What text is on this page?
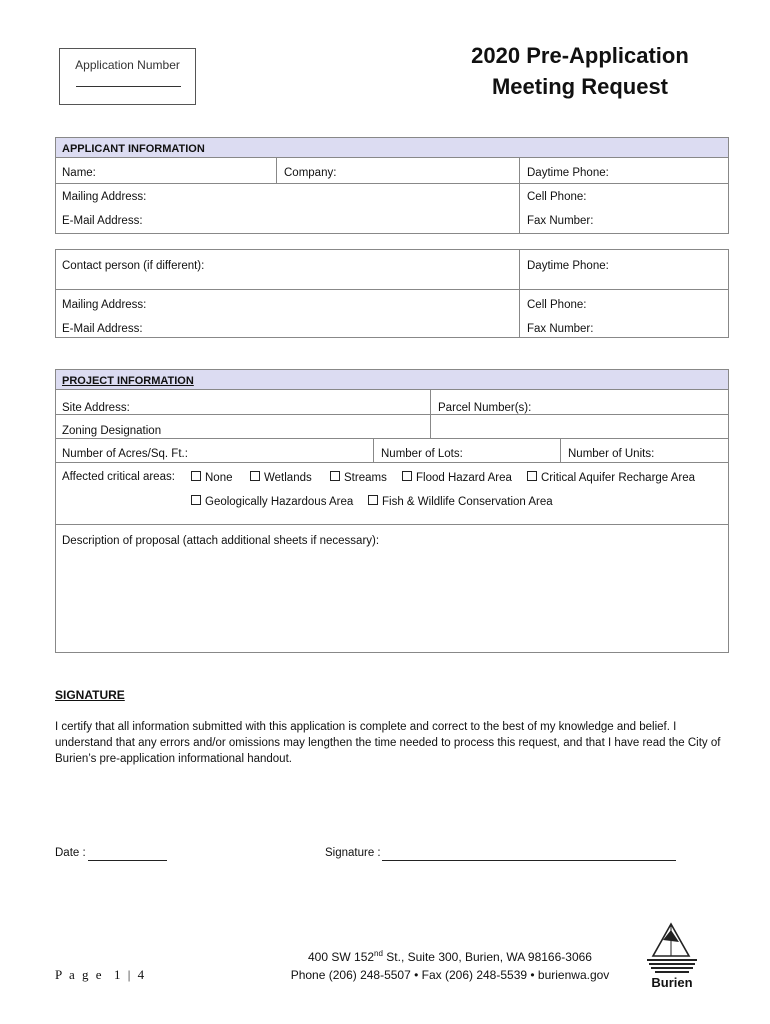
Application Number	2020 Pre-Application
Meeting Request
APPLICANT INFORMATION
Name:	Company:	Daytime Phone:
Mailing Address:	Cell Phone:
E-Mail Address:	Fax Number:
Contact person (if different):	Daytime Phone:
Mailing Address:	Cell Phone:
E-Mail Address:	Fax Number:
PROJECT INFORMATION
Site Address:	Parcel Number(s):
Zoning Designation
Number of Acres/Sq. Ft.:	Number of Lots:	Number of Units:
Affected critical areas:	None	Wetlands	Streams	Flood Hazard Area	Critical Aquifer Recharge Area
Geologically Hazardous Area	Fish & Wildlife Conservation Area
Description of proposal (attach additional sheets if necessary):
SIGNATURE
I certify that all information submitted with this application is complete and correct to the best of my knowledge and belief. I understand that any errors and/or omissions may lengthen the time needed to process this request, and that I have read the City of Burien’s pre-application informational handout.
Date :	Signature :
400 SW 152nd St., Suite 300, Burien, WA 98166-3066
Phone (206) 248-5507 • Fax (206) 248-5539 • burienwa.gov
P a g e  1 | 4
Burien
